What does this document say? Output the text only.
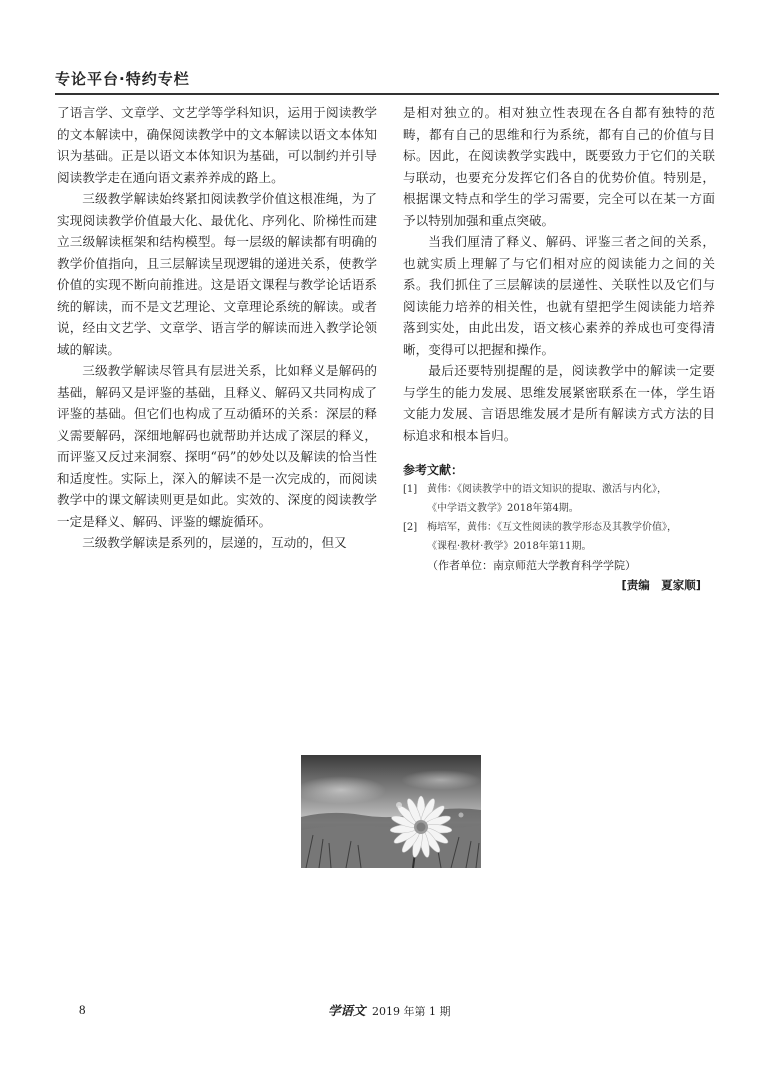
专论平台·特约专栏

了语言学、文章学、文艺学等学科知识，运用于阅读教学的文本解读中，确保阅读教学中的文本解读以语文本体知识为基础。正是以语文本体知识为基础，可以制约并引导阅读教学走在通向语文素养养成的路上。

三级教学解读始终紧扣阅读教学价值这根准绳，为了实现阅读教学价值最大化、最优化、序列化、阶梯性而建立三级解读框架和结构模型。每一层级的解读都有明确的教学价值指向，且三层解读呈现逻辑的递进关系，使教学价值的实现不断向前推进。这是语文课程与教学论话语系统的解读，而不是文艺理论、文章理论系统的解读。或者说，经由文艺学、文章学、语言学的解读而进入教学论领域的解读。

三级教学解读尽管具有层进关系，比如释义是解码的基础，解码又是评鉴的基础，且释义、解码又共同构成了评鉴的基础。但它们也构成了互动循环的关系：深层的释义需要解码，深细地解码也就帮助并达成了深层的释义，而评鉴又反过来洞察、探明“码”的妙处以及解读的恰当性和适度性。实际上，深入的解读不是一次完成的，而阅读教学中的课文解读则更是如此。实效的、深度的阅读教学一定是释义、解码、评鉴的螺旋循环。

三级教学解读是系列的，层递的，互动的，但又

是相对独立的。相对独立性表现在各自都有独特的范畴，都有自己的思维和行为系统，都有自己的价值与目标。因此，在阅读教学实践中，既要致力于它们的关联与联动，也要充分发挥它们各自的优势价值。特别是，根据课文特点和学生的学习需要，完全可以在某一方面予以特别加强和重点突破。

当我们厘清了释义、解码、评鉴三者之间的关系，也就实质上理解了与它们相对应的阅读能力之间的关系。我们抓住了三层解读的层递性、关联性以及它们与阅读能力培养的相关性，也就有望把学生阅读能力培养落到实处，由此出发，语文核心素养的养成也可变得清晰，变得可以把握和操作。

最后还要特别提醒的是，阅读教学中的解读一定要与学生的能力发展、思维发展紧密联系在一体，学生语文能力发展、言语思维发展才是所有解读方式方法的目标追求和根本旨归。

参考文献：
[1] 黄伟：《阅读教学中的语文知识的提取、激活与内化》，
《中学语文教学》2018年第4期。
[2] 梅培军，黄伟：《互文性阅读的教学形态及其教学价值》，
《课程·教材·教学》2018年第11期。
（作者单位：南京师范大学教育科学学院）
[责编　夏家顺]
8	学语文 2019 年第 1 期
